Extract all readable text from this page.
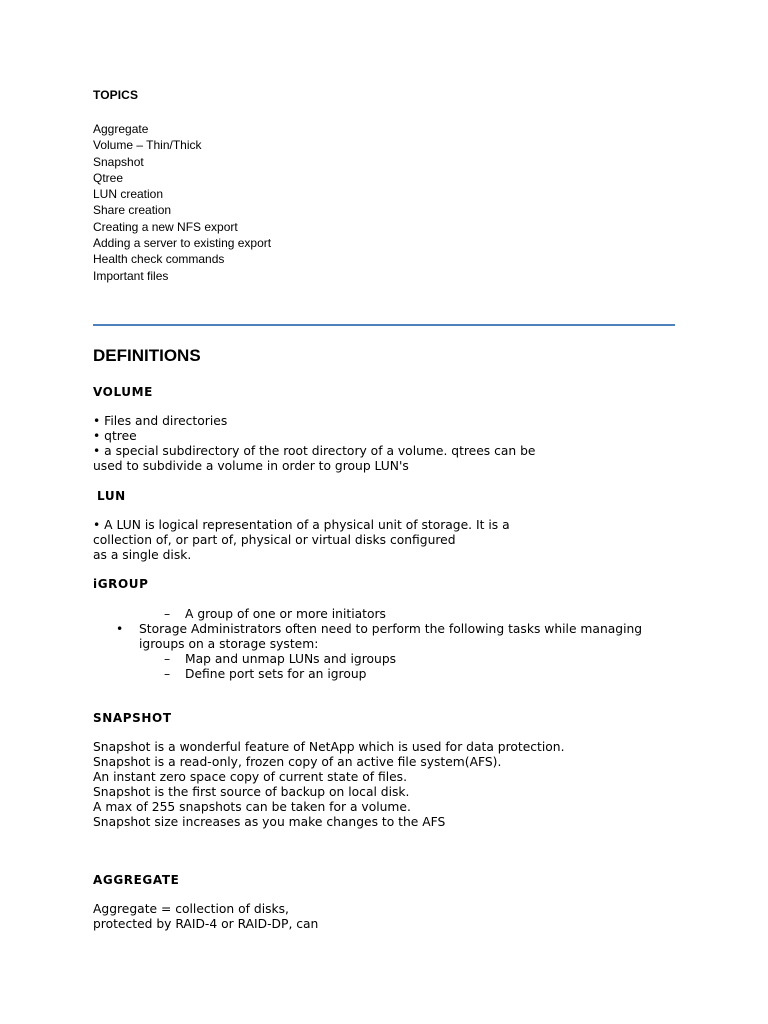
TOPICS
Aggregate
Volume – Thin/Thick
Snapshot
Qtree
LUN creation
Share creation
Creating a new NFS export
Adding a server to existing export
Health check commands
Important files
DEFINITIONS
VOLUME
• Files and directories
• qtree
• a special subdirectory of the root directory of a volume. qtrees can be
used to subdivide a volume in order to group LUN's
LUN
• A LUN is logical representation of a physical unit of storage. It is a
collection of, or part of, physical or virtual disks configured
as a single disk.
iGROUP
– A group of one or more initiators
• Storage Administrators often need to perform the following tasks while managing
igroups on a storage system:
– Map and unmap LUNs and igroups
– Define port sets for an igroup
SNAPSHOT
Snapshot is a wonderful feature of NetApp which is used for data protection.
Snapshot is a read-only, frozen copy of an active file system(AFS).
An instant zero space copy of current state of files.
Snapshot is the first source of backup on local disk.
A max of 255 snapshots can be taken for a volume.
Snapshot size increases as you make changes to the AFS
AGGREGATE
Aggregate = collection of disks,
protected by RAID-4 or RAID-DP, can
